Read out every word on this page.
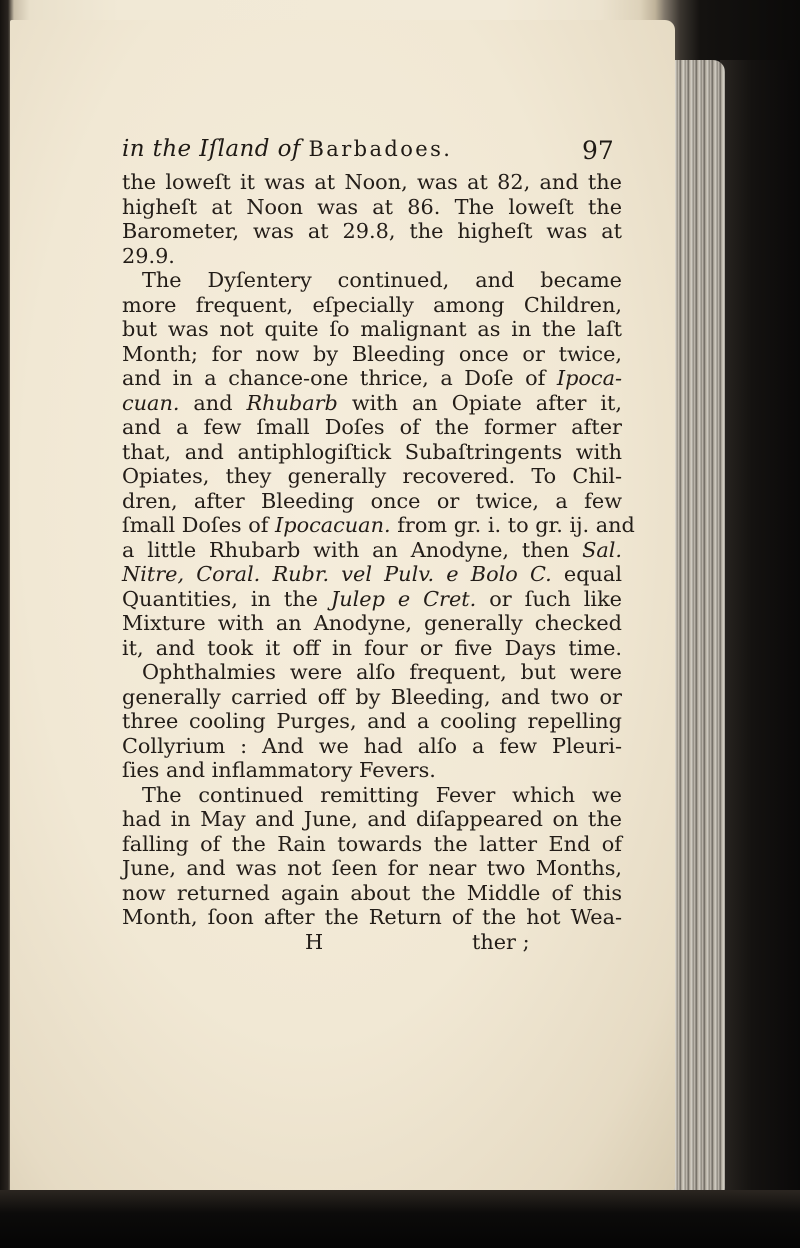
in the Iſland of Barbadoes.	97
the loweſt it was at Noon, was at 82, and the
higheſt at Noon was at 86. The loweſt the
Barometer, was at 29.8, the higheſt was at
29.9.
The Dyſentery continued, and became
more frequent, eſpecially among Children,
but was not quite ſo malignant as in the laſt
Month; for now by Bleeding once or twice,
and in a chance-one thrice, a Doſe of Ipoca-
cuan. and Rhubarb with an Opiate after it,
and a few ſmall Doſes of the former after
that, and antiphlogiſtick Subaſtringents with
Opiates, they generally recovered. To Chil-
dren, after Bleeding once or twice, a few
ſmall Doſes of Ipocacuan. from gr. i. to gr. ij. and
a little Rhubarb with an Anodyne, then Sal.
Nitre, Coral. Rubr. vel Pulv. e Bolo C. equal
Quantities, in the Julep e Cret. or ſuch like
Mixture with an Anodyne, generally checked
it, and took it off in four or five Days time.
Ophthalmies were alſo frequent, but were
generally carried off by Bleeding, and two or
three cooling Purges, and a cooling repelling
Collyrium : And we had alſo a few Pleuri-
ſies and inflammatory Fevers.
The continued remitting Fever which we
had in May and June, and diſappeared on the
falling of the Rain towards the latter End of
June, and was not ſeen for near two Months,
now returned again about the Middle of this
Month, ſoon after the Return of the hot Wea-
H	ther ;
